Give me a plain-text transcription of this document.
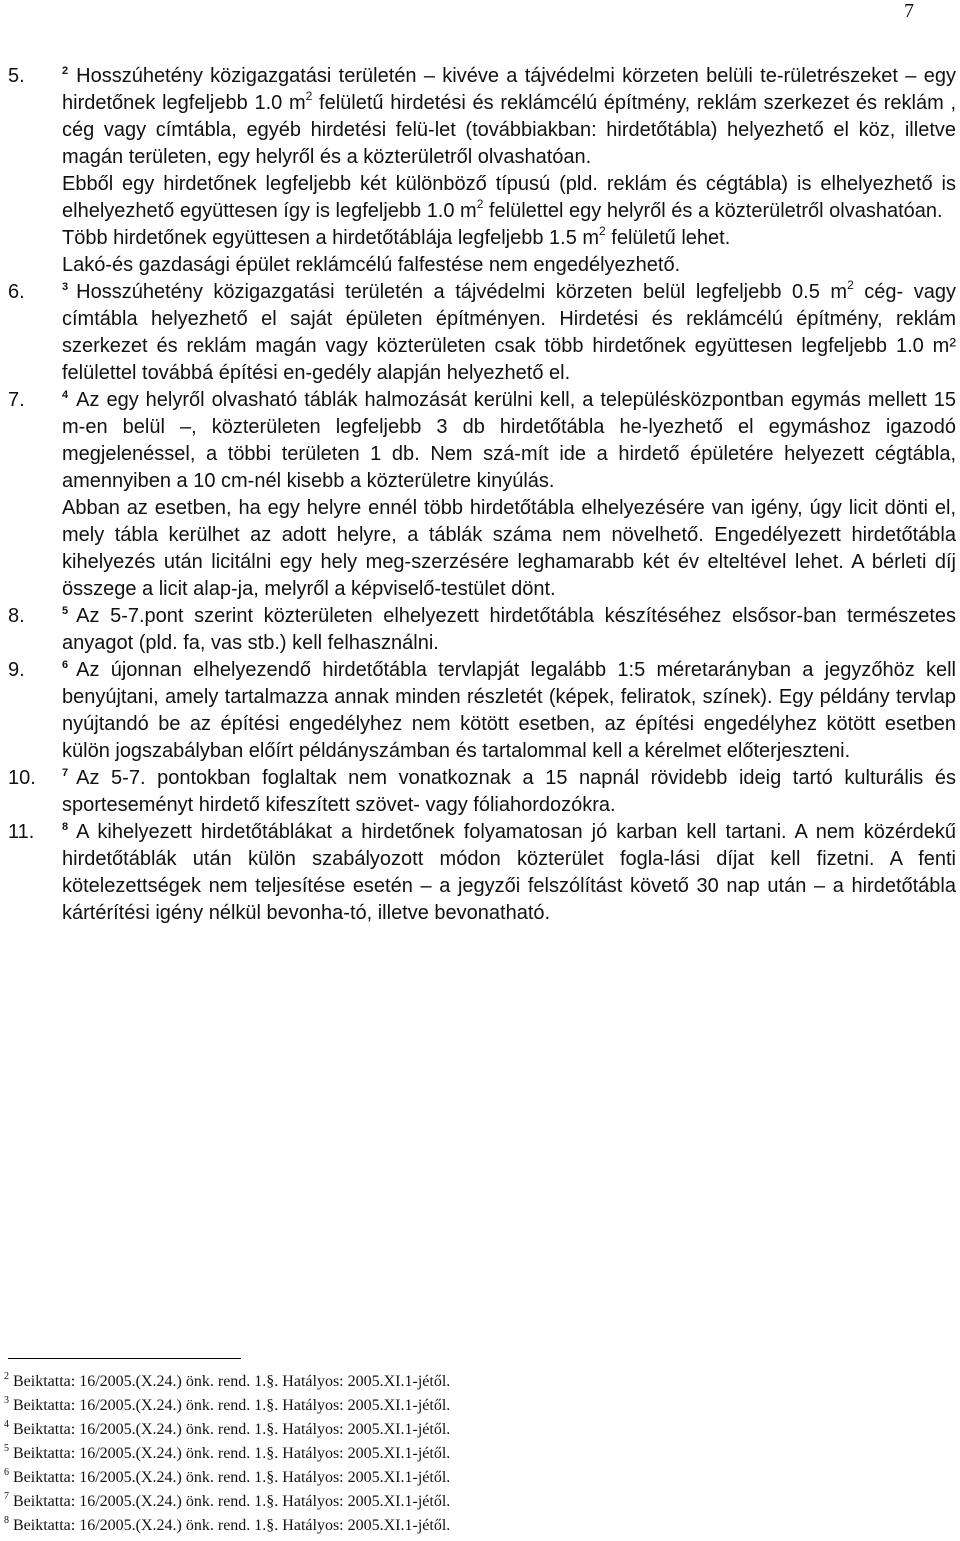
7
5.	$^2$ Hosszúhetény közigazgatási területén – kivéve a tájvédelmi körzeten belüli te-rületrészeket – egy hirdetőnek legfeljebb 1.0 $m^2$ felületű hirdetési és reklámcélú építmény, reklám szerkezet és reklám , cég vagy címtábla, egyéb hirdetési felü-let (továbbiakban: hirdetőtábla) helyezhető el köz, illetve magán területen, egy helyről és a közterületről olvashatóan.

Ebből egy hirdetőnek legfeljebb két különböző típusú (pld. reklám és cégtábla) is elhelyezhető is elhelyezhető együttesen így is legfeljebb 1.0 $m^2$ felülettel egy helyről és a közterületről olvashatóan.

Több hirdetőnek együttesen a hirdetőtáblája legfeljebb 1.5 $m^2$ felületű lehet.

Lakó-és gazdasági épület reklámcélú falfestése nem engedélyezhető.

6.	$^3$ Hosszúhetény közigazgatási területén a tájvédelmi körzeten belül legfeljebb 0.5 $m^2$ cég- vagy címtábla helyezhető el saját épületen építményen. Hirdetési és reklámcélú építmény, reklám szerkezet és reklám magán vagy közterületen csak több hirdetőnek együttesen legfeljebb 1.0 m² felülettel továbbá építési en-gedély alapján helyezhető el.

7.	$^4$ Az egy helyről olvasható táblák halmozását kerülni kell, a településközpontban egymás mellett 15 m-en belül –, közterületen legfeljebb 3 db hirdetőtábla he-lyezhető el egymáshoz igazodó megjelenéssel, a többi területen 1 db. Nem szá-mít ide a hirdető épületére helyezett cégtábla, amennyiben a 10 cm-nél kisebb a közterületre kinyúlás.

Abban az esetben, ha egy helyre ennél több hirdetőtábla elhelyezésére van igény, úgy licit dönti el, mely tábla kerülhet az adott helyre, a táblák száma nem növelhető. Engedélyezett hirdetőtábla kihelyezés után licitálni egy hely meg-szerzésére leghamarabb két év elteltével lehet. A bérleti díj összege a licit alap-ja, melyről a képviselő-testület dönt.

8.	$^5$ Az 5-7.pont szerint közterületen elhelyezett hirdetőtábla készítéséhez elsősor-ban természetes anyagot (pld. fa, vas stb.) kell felhasználni.

9.	$^6$ Az újonnan elhelyezendő hirdetőtábla tervlapját legalább 1:5 méretarányban a jegyzőhöz kell benyújtani, amely tartalmazza annak minden részletét (képek, feliratok, színek). Egy példány tervlap nyújtandó be az építési engedélyhez nem kötött esetben, az építési engedélyhez kötött esetben külön jogszabályban előírt példányszámban és tartalommal kell a kérelmet előterjeszteni.

10. $^7$ Az 5-7. pontokban foglaltak nem vonatkoznak a 15 napnál rövidebb ideig tartó kulturális és sporteseményt hirdető kifeszített szövet- vagy fóliahordozókra.

11.	$^8$ A kihelyezett hirdetőtáblákat a hirdetőnek folyamatosan jó karban kell tartani. A nem közérdekű hirdetőtáblák után külön szabályozott módon közterület fogla-lási díjat kell fizetni. A fenti kötelezettségek nem teljesítése esetén – a jegyzői felszólítást követő 30 nap után – a hirdetőtábla kártérítési igény nélkül bevonha-tó, illetve bevonatható.

$^2$ Beiktatta: 16/2005.(X.24.) önk. rend. 1.§. Hatályos: 2005.XI.1-jétől.
$^3$ Beiktatta: 16/2005.(X.24.) önk. rend. 1.§. Hatályos: 2005.XI.1-jétől.
$^4$ Beiktatta: 16/2005.(X.24.) önk. rend. 1.§. Hatályos: 2005.XI.1-jétől.
$^5$ Beiktatta: 16/2005.(X.24.) önk. rend. 1.§. Hatályos: 2005.XI.1-jétől.
$^6$ Beiktatta: 16/2005.(X.24.) önk. rend. 1.§. Hatályos: 2005.XI.1-jétől.
$^7$ Beiktatta: 16/2005.(X.24.) önk. rend. 1.§. Hatályos: 2005.XI.1-jétől.
$^8$ Beiktatta: 16/2005.(X.24.) önk. rend. 1.§. Hatályos: 2005.XI.1-jétől.
